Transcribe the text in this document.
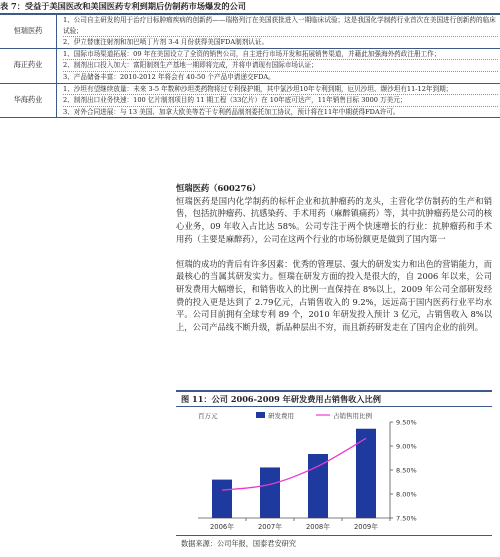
表 7：受益于美国医改和美国医药专利到期后仿制药市场爆发的公司
恒瑞医药	1、公司自主研发的用于治疗目标肿瘤疾病的创新药——瑞格列汀在美国获批进入一期临床试验；这是我国化学制药行业首次在美国进行创新药的临床试验；
2、伊立替康注射剂和加巴喷丁片剂 3-4 月份获得美国FDA制剂认证。

海正药业	1、国际市场渠道拓展：09 年在美国设立了全资的销售公司，自主进行市场开发和拓展销售渠道，并藉此加强海外药政注册工作；
2、制剂出口投入加大：富阳制剂生产基地一期即将完成，并将申请现有国际市场认证；
3、产品储备丰富：2010-2012 年将会有 40-50 个产品申请递交FDA。

华海药业	1、沙坦有望继续放量：未来 3-5 年数种沙坦类药物将过专利保护期，其中氯沙坦10年专利到期，厄贝沙坦、缬沙坦有11-12年到期；
2、制剂出口业务快速：100 亿片制剂项目的 11 期工程（33亿片）在 10年底可达产，11年销售目标 3000 万美元；
3、对外合同进展：与 13 美国、加拿大欧美等若干专利药品制剂委托加工协议，预计将在11年中期获得FDA许可。

恒瑞医药（600276）

恒瑞医药是国内化学制药的标杆企业和抗肿瘤药的龙头，主营化学仿制药的生产和销售，包括抗肿瘤药、抗感染药、手术用药（麻醉镇痛药）等，其中抗肿瘤药是公司的核心业务，09 年收入占比达 58%。公司专注于两个快速增长的行业：抗肿瘤药和手术用药（主要是麻醉药），公司在这两个行业的市场份额更是做到了国内第一

恒瑞的成功的背后有许多因素：优秀的管理层、强大的研发实力和出色的营销能力，而最核心的当属其研发实力。恒瑞在研发方面的投入是很大的，自 2006 年以来，公司研发费用大幅增长，和销售收入的比例一直保持在 8%以上，2009 年公司全部研发经费的投入更是达到了 2.79亿元，占销售收入的 9.2%，远远高于国内医药行业平均水平。公司目前拥有全球专利 89 个，2010 年研发投入预计 3 亿元，占销售收入 8%以上，公司产品线不断升级，新品种层出不穷，而且新药研发走在了国内企业的前列。

图 11：公司 2006-2009 年研发费用占销售收入比例
百万元	研发费用	占销售用比例
7.50%
8.00%
8.50%
9.00%
9.50%
2006年	2007年	2008年	2009年
数据来源：公司年报，国泰君安研究
